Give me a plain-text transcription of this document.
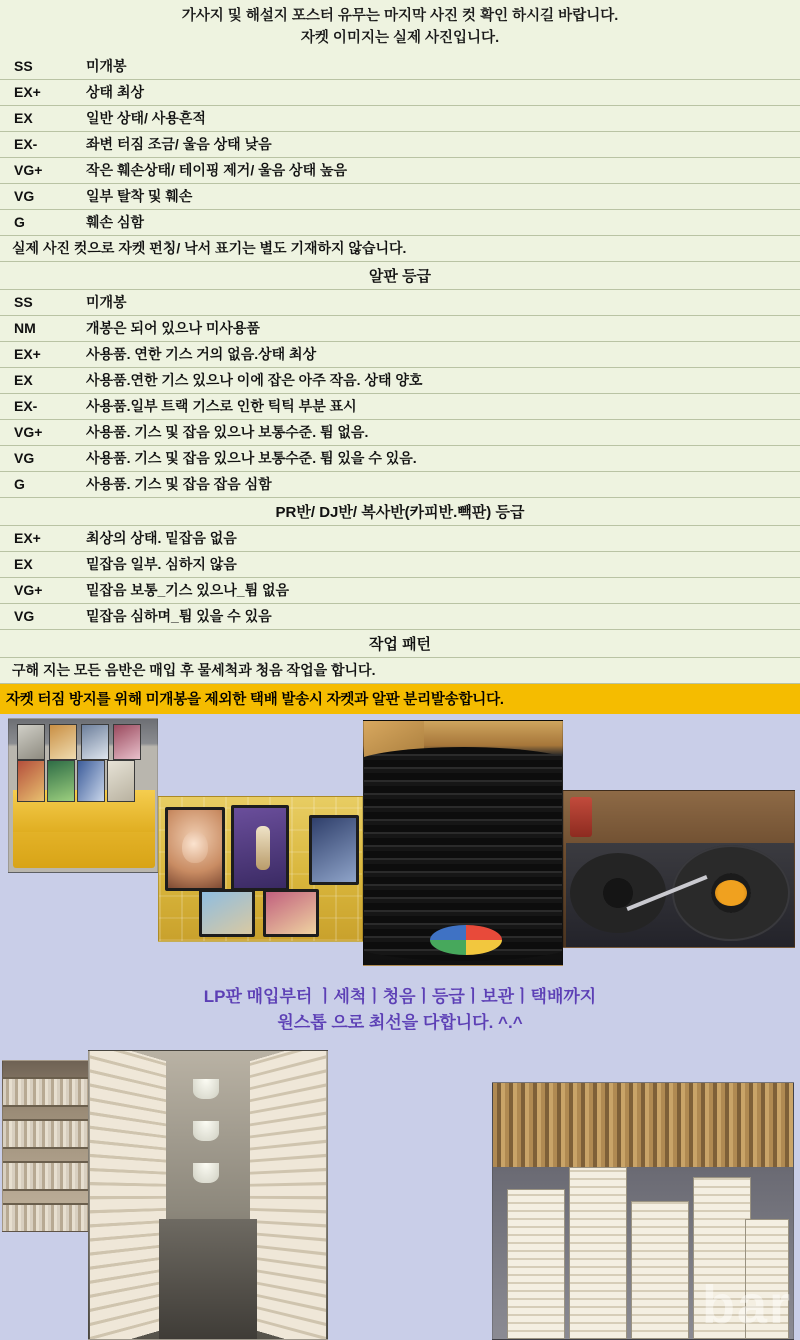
가사지 및 해설지 포스터 유무는 마지막 사진 컷 확인 하시길 바랍니다.
자켓 이미지는 실제 사진입니다.
SS	미개봉
EX+	상태 최상
EX	일반 상태/ 사용흔적
EX-	좌변 터짐 조금/ 울음 상태 낮음
VG+	작은 훼손상태/ 테이핑 제거/ 울음 상태 높음
VG	일부 탈착 및 훼손
G	훼손 심함
실제 사진 컷으로 자켓 펀칭/ 낙서 표기는 별도 기재하지 않습니다.	
알판 등급	
SS	미개봉
NM	개봉은 되어 있으나 미사용품
EX+	사용품. 연한 기스 거의 없음.상태 최상
EX	사용품.연한 기스 있으나 이에 잡은 아주 작음. 상태 양호
EX-	사용품.일부 트랙 기스로 인한 틱틱 부분 표시
VG+	사용품. 기스 및 잡음 있으나 보통수준. 튐 없음.
VG	사용품. 기스 및 잡음 있으나 보통수준. 튐 있을 수 있음.
G	사용품. 기스 및 잡음 잡음 심함
PR반/ DJ반/ 복사반(카피반.빽판) 등급	
EX+	최상의 상태. 밑잡음 없음
EX	밑잡음 일부. 심하지 않음
VG+	밑잡음 보통_기스 있으나_튐 없음
VG	밑잡음 심하며_튐 있을 수 있음
작업 패턴	
구해 지는 모든 음반은 매입 후 물세척과 청음 작업을 합니다.	
자켓 터짐 방지를 위해 미개봉을 제외한 택배 발송시 자켓과 알판 분리발송합니다.
LP판 매입부터 ㅣ세척ㅣ청음ㅣ등급ㅣ보관ㅣ택배까지
원스톱 으로 최선을 다합니다. ^.^
bar
